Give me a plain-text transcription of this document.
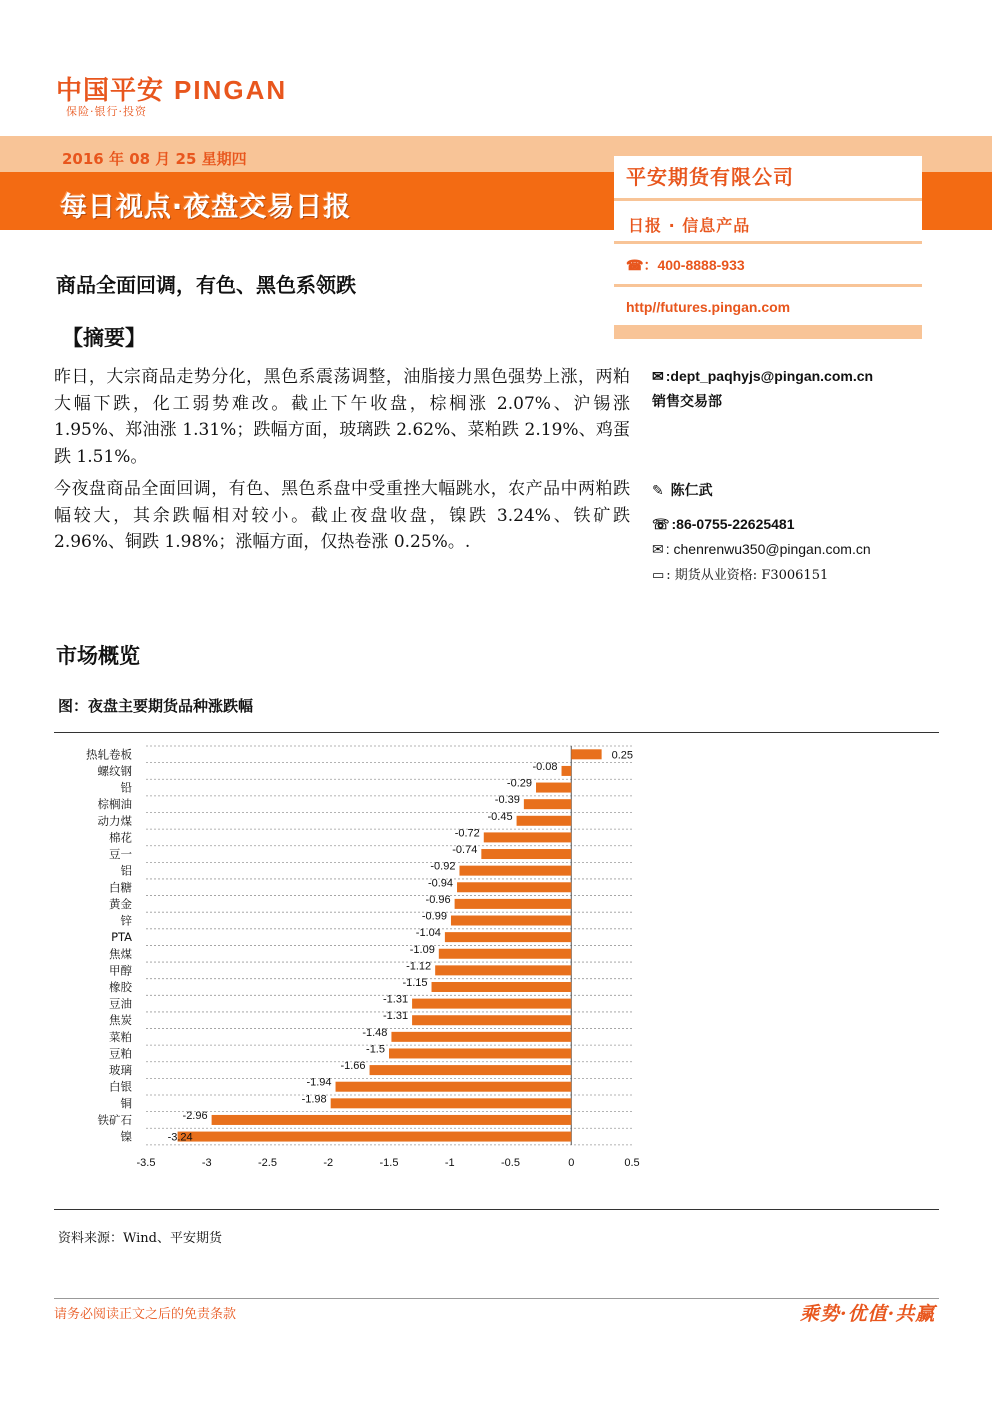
中国平安 PINGAN
保险·银行·投资
2016 年 08 月 25 星期四
每日视点·夜盘交易日报
平安期货有限公司
日报 · 信息产品
☎：400-8888-933
http//futures.pingan.com
商品全面回调，有色、黑色系领跌
【摘要】
昨日，大宗商品走势分化，黑色系震荡调整，油脂接力黑色强势上涨，两粕大幅下跌，化工弱势难改。截止下午收盘，棕榈涨 2.07%、沪锡涨 1.95%、郑油涨 1.31%；跌幅方面，玻璃跌 2.62%、菜粕跌 2.19%、鸡蛋跌 1.51%。
今夜盘商品全面回调，有色、黑色系盘中受重挫大幅跳水，农产品中两粕跌幅较大，其余跌幅相对较小。截止夜盘收盘，镍跌 3.24%、铁矿跌 2.96%、铜跌 1.98%；涨幅方面，仅热卷涨 0.25%。.
✉ :dept_paqhyjs@pingan.com.cn
销售交易部
✎ 陈仁武
☏ :86-0755-22625481
✉ : chenrenwu350@pingan.com.cn
▭ : 期货从业资格: F3006151
市场概览
图：夜盘主要期货品种涨跌幅
热轧卷板	0.25
螺纹钢	-0.08
铅	-0.29
棕榈油	-0.39
动力煤	-0.45
棉花	-0.72
豆一	-0.74
铝	-0.92
白糖	-0.94
黄金	-0.96
锌	-0.99
PTA	-1.04
焦煤	-1.09
甲醇	-1.12
橡胶	-1.15
豆油	-1.31
焦炭	-1.31
菜粕	-1.48
豆粕	-1.5
玻璃	-1.66
白银	-1.94
铜	-1.98
铁矿石	-2.96
镍	-3.24
-3.5	-3	-2.5	-2	-1.5	-1	-0.5	0	0.5
资料来源：Wind、平安期货
请务必阅读正文之后的免责条款	乘势·优值·共赢
